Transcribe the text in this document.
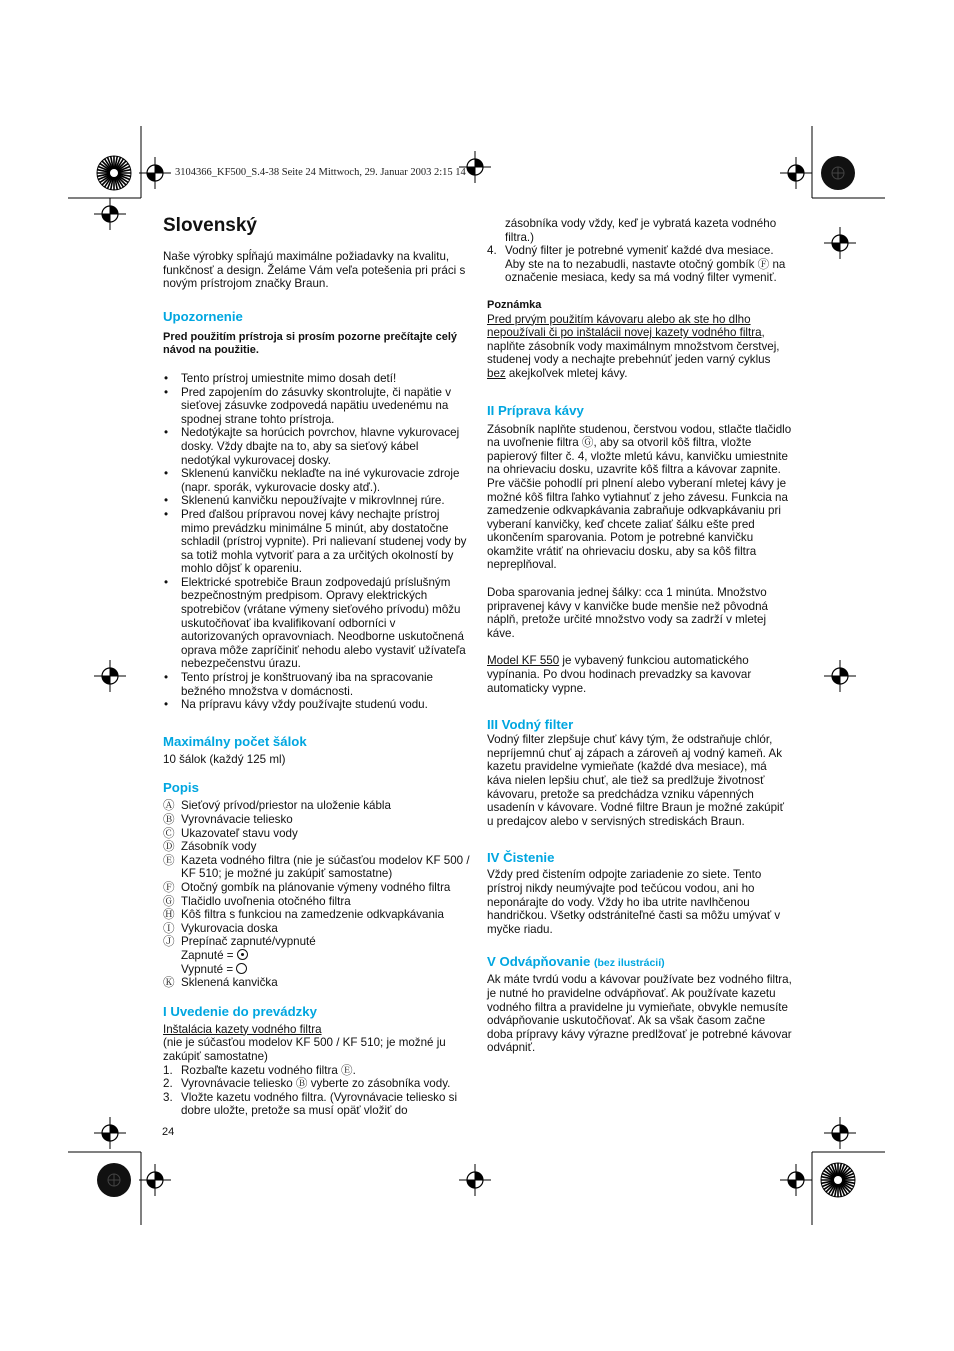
3104366_KF500_S.4-38 Seite 24 Mittwoch, 29. Januar 2003 2:15 14
Slovenský

Naše výrobky spĺňajú maximálne požiadavky na kvalitu, funkčnosť a design. Želáme Vám veľa potešenia pri práci s novým prístrojom značky Braun.

Upozornenie

Pred použitím prístroja si prosím pozorne prečítajte celý návod na použitie.

• Tento prístroj umiestnite mimo dosah detí!
• Pred zapojením do zásuvky skontrolujte, či napätie v sieťovej zásuvke zodpovedá napätiu uvedenému na spodnej strane tohto prístroja.
• Nedotýkajte sa horúcich povrchov, hlavne vykurovacej dosky. Vždy dbajte na to, aby sa sieťový kábel nedotýkal vykurovacej dosky.
• Sklenenú kanvičku neklaďte na iné vykurovacie zdroje (napr. sporák, vykurovacie dosky atď.).
• Sklenenú kanvičku nepoužívajte v mikrovlnnej rúre.
• Pred ďalšou prípravou novej kávy nechajte prístroj mimo prevádzku minimálne 5 minút, aby dostatočne schladil (prístroj vypnite). Pri nalievaní studenej vody by sa totiž mohla vytvoriť para a za určitých okolností by mohlo dôjsť k opareniu.
• Elektrické spotrebiče Braun zodpovedajú príslušným bezpečnostným predpisom. Opravy elektrických spotrebičov (vrátane výmeny sieťového prívodu) môžu uskutočňovať iba kvalifikovaní odborníci v autorizovaných opravovniach. Neodborne uskutočnená oprava môže zapríčiniť nehodu alebo vystaviť užívateľa nebezpečenstvu úrazu.
• Tento prístroj je konštruovaný iba na spracovanie bežného množstva v domácnosti.
• Na prípravu kávy vždy používajte studenú vodu.
Maximálny počet šálok

10 šálok (každý 125 ml)

Popis
Ⓐ Sieťový prívod/priestor na uloženie kábla
Ⓑ Vyrovnávacie teliesko
Ⓒ Ukazovateľ stavu vody
Ⓓ Zásobník vody
Ⓔ Kazeta vodného filtra (nie je súčasťou modelov KF 500 / KF 510; je možné ju zakúpiť samostatne)
Ⓕ Otočný gombík na plánovanie výmeny vodného filtra
Ⓖ Tlačidlo uvoľnenia otočného filtra
Ⓗ Kôš filtra s funkciou na zamedzenie odkvapkávania
Ⓘ Vykurovacia doska
Ⓙ Prepínač zapnuté/vypnuté
Zapnuté =
Vypnuté =
Ⓚ Sklenená kanvička
I Uvedenie do prevádzky

Inštalácia kazety vodného filtra

(nie je súčasťou modelov KF 500 / KF 510; je možné ju zakúpiť samostatne)

1. Rozbaľte kazetu vodného filtra Ⓔ.
2. Vyrovnávacie teliesko Ⓑ vyberte zo zásobníka vody.
3. Vložte kazetu vodného filtra. (Vyrovnávacie teliesko si dobre uložte, pretože sa musí opäť vložiť do
zásobníka vody vždy, keď je vybratá kazeta vodného filtra.)
4. Vodný filter je potrebné vymeniť každé dva mesiace. Aby ste na to nezabudli, nastavte otočný gombík Ⓕ na označenie mesiaca, kedy sa má vodný filter vymeniť.

Poznámka

Pred prvým použitím kávovaru alebo ak ste ho dlho nepoužívali či po inštalácii novej kazety vodného filtra, naplňte zásobník vody maximálnym množstvom čerstvej, studenej vody a nechajte prebehnúť jeden varný cyklus bez akejkoľvek mletej kávy.

II Príprava kávy

Zásobník naplňte studenou, čerstvou vodou, stlačte tlačidlo na uvoľnenie filtra Ⓖ, aby sa otvoril kôš filtra, vložte papierový filter č. 4, vložte mletú kávu, kanvičku umiestnite na ohrievaciu dosku, uzavrite kôš filtra a kávovar zapnite. Pre väčšie pohodlí pri plnení alebo vyberaní mletej kávy je možné kôš filtra ľahko vytiahnuť z jeho závesu. Funkcia na zamedzenie odkvapkávania zabraňuje odkvapkávaniu pri vyberaní kanvičky, keď chcete zaliať šálku ešte pred ukončením sparovania. Potom je potrebné kanvičku okamžite vrátiť na ohrievaciu dosku, aby sa kôš filtra nepreplňoval.

Doba sparovania jednej šálky: cca 1 minúta. Množstvo pripravenej kávy v kanvičke bude menšie než pôvodná náplň, pretože určité množstvo vody sa zadrží v mletej káve.

Model KF 550 je vybavený funkciou automatického vypínania. Po dvou hodinach prevadzky sa kavovar automaticky vypne.

III Vodný filter

Vodný filter zlepšuje chuť kávy tým, že odstraňuje chlór, nepríjemnú chuť aj zápach a zároveň aj vodný kameň. Ak kazetu pravidelne vymieňate (každé dva mesiace), má káva nielen lepšiu chuť, ale tiež sa predlžuje životnosť kávovaru, pretože sa predchádza vzniku vápenných usadenín v kávovare. Vodné filtre Braun je možné zakúpiť u predajcov alebo v servisných strediskách Braun.

IV Čistenie

Vždy pred čistením odpojte zariadenie zo siete. Tento prístroj nikdy neumývajte pod tečúcou vodou, ani ho neponárajte do vody. Vždy ho iba utrite navlhčenou handričkou. Všetky odstrániteľné časti sa môžu umývať v myčke riadu.

V Odvápňovanie (bez ilustrácií)

Ak máte tvrdú vodu a kávovar používate bez vodného filtra, je nutné ho pravidelne odvápňovať. Ak používate kazetu vodného filtra a pravidelne ju vymieňate, obvykle nemusíte odvápňovanie uskutočňovať. Ak sa však časom začne doba prípravy kávy výrazne predlžovať je potrebné kávovar odvápniť.

24
